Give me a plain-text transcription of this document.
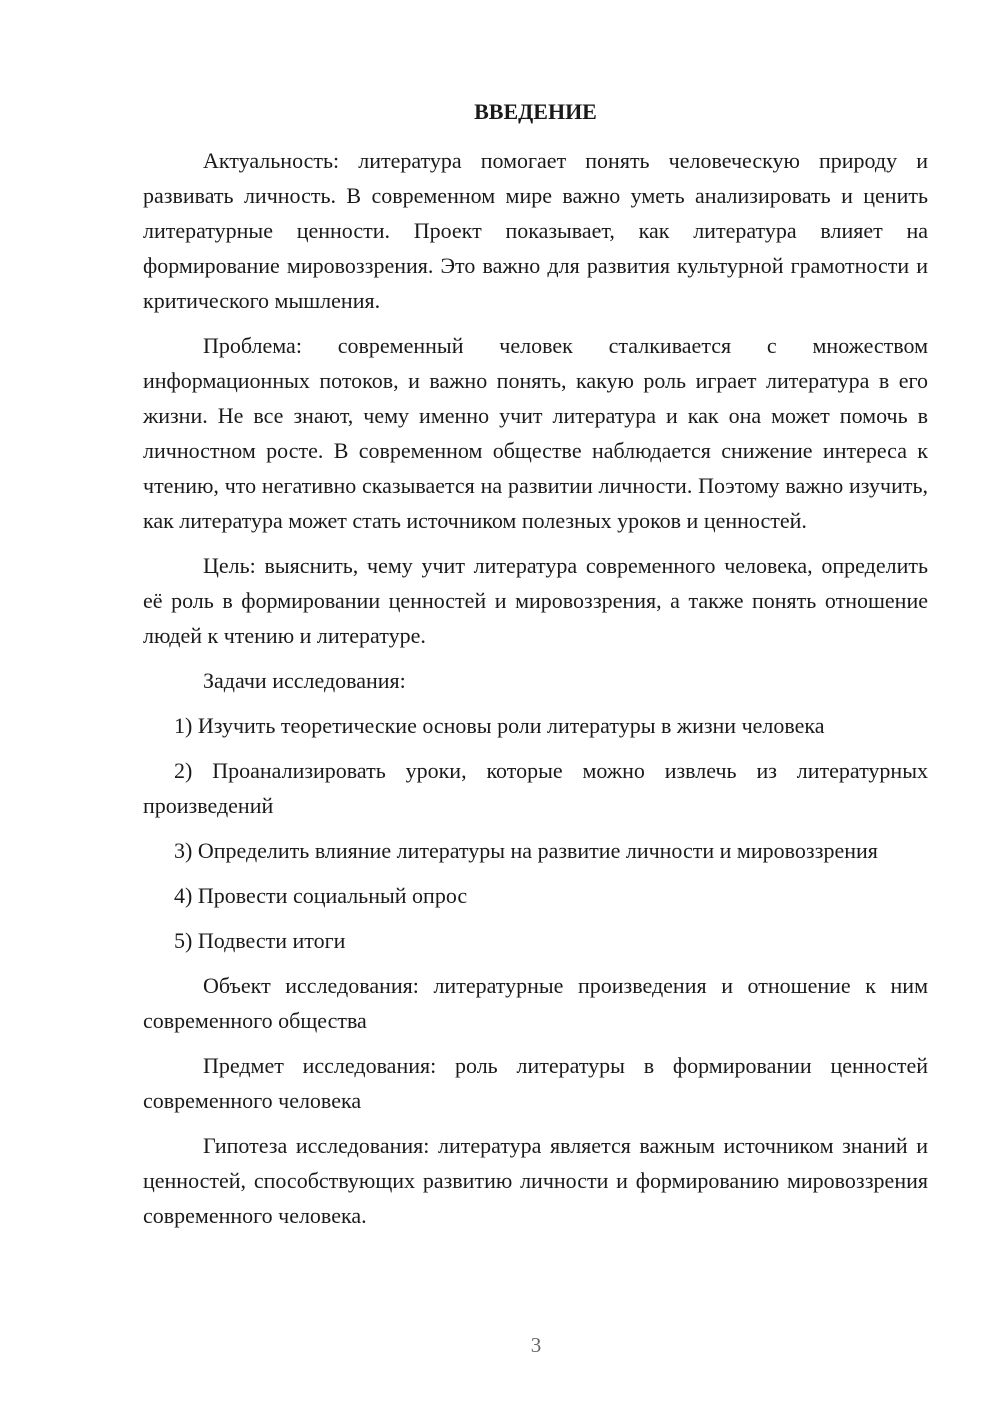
ВВЕДЕНИЕ

Актуальность: литература помогает понять человеческую природу и развивать личность. В современном мире важно уметь анализировать и ценить литературные ценности. Проект показывает, как литература влияет на формирование мировоззрения. Это важно для развития культурной грамотности и критического мышления.

Проблема: современный человек сталкивается с множеством информационных потоков, и важно понять, какую роль играет литература в его жизни. Не все знают, чему именно учит литература и как она может помочь в личностном росте. В современном обществе наблюдается снижение интереса к чтению, что негативно сказывается на развитии личности. Поэтому важно изучить, как литература может стать источником полезных уроков и ценностей.

Цель: выяснить, чему учит литература современного человека, определить её роль в формировании ценностей и мировоззрения, а также понять отношение людей к чтению и литературе.

Задачи исследования:

1) Изучить теоретические основы роли литературы в жизни человека

2) Проанализировать уроки, которые можно извлечь из литературных произведений

3) Определить влияние литературы на развитие личности и мировоззрения

4) Провести социальный опрос

5) Подвести итоги

Объект исследования: литературные произведения и отношение к ним современного общества

Предмет исследования: роль литературы в формировании ценностей современного человека

Гипотеза исследования: литература является важным источником знаний и ценностей, способствующих развитию личности и формированию мировоззрения современного человека.

3
